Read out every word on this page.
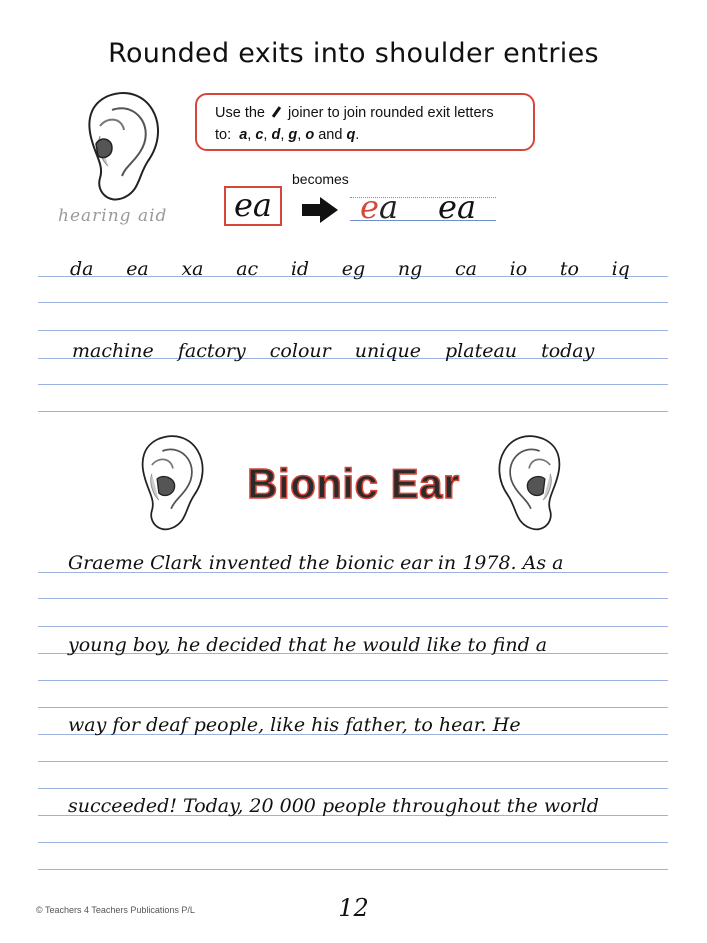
Rounded exits into shoulder entries
Use the joiner to join rounded exit letters
to: a, c, d, g, o and q.
hearing aid
becomes
ea	ea ea
da ea xa ac id eg ng ca io to iq
machine factory colour unique plateau today
Bionic Ear
Graeme Clark invented the bionic ear in 1978. As a
young boy, he decided that he would like to find a
way for deaf people, like his father, to hear. He
succeeded! Today, 20 000 people throughout the world
© Teachers 4 Teachers Publications P/L	12
